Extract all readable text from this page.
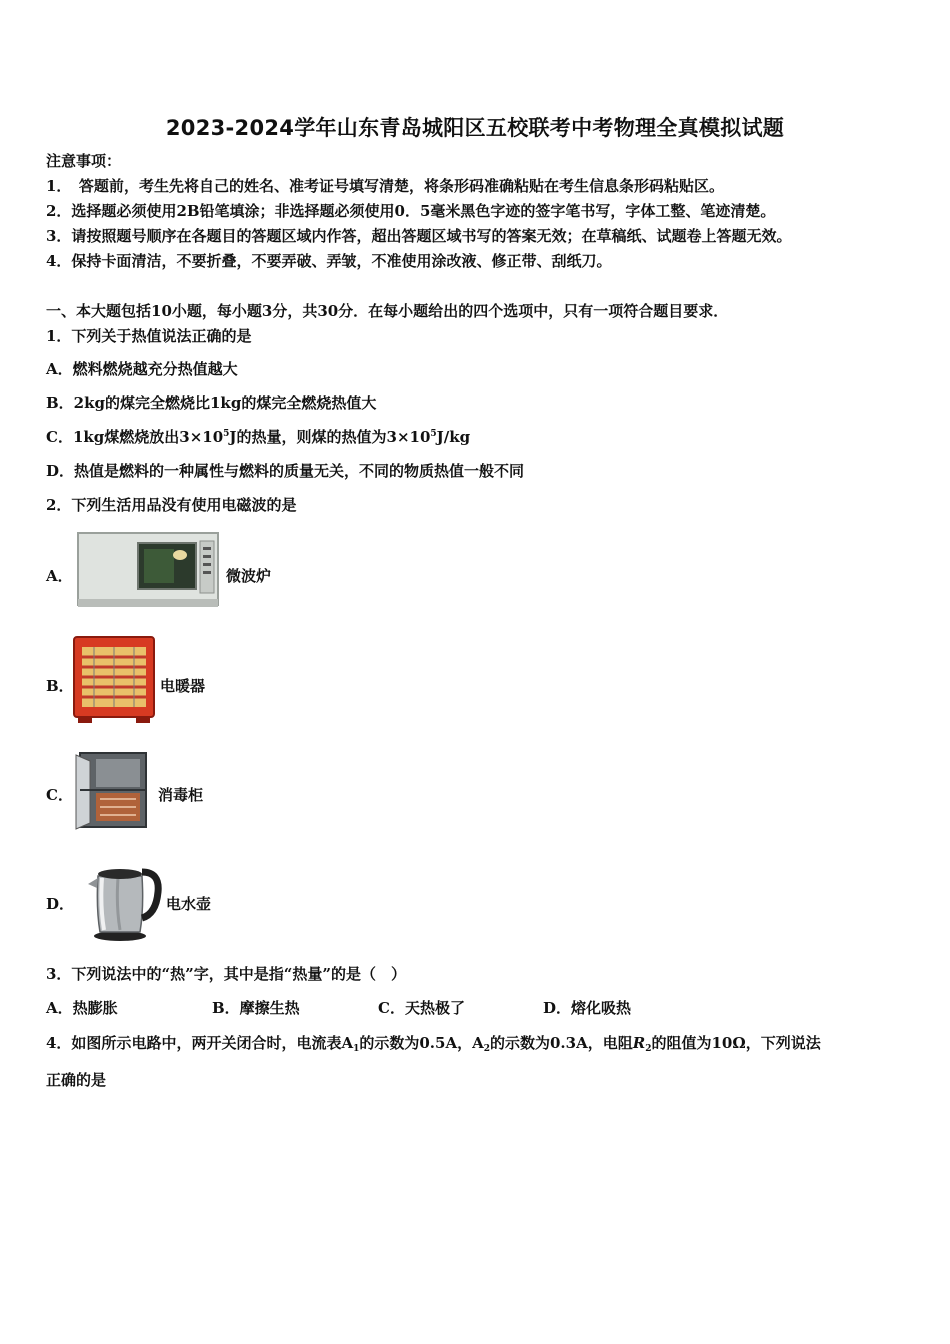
2023-2024学年山东青岛城阳区五校联考中考物理全真模拟试题
注意事项：
1．　答题前，考生先将自己的姓名、准考证号填写清楚，将条形码准确粘贴在考生信息条形码粘贴区。
2．选择题必须使用2B铅笔填涂；非选择题必须使用0．5毫米黑色字迹的签字笔书写，字体工整、笔迹清楚。
3．请按照题号顺序在各题目的答题区域内作答，超出答题区域书写的答案无效；在草稿纸、试题卷上答题无效。
4．保持卡面清洁，不要折叠，不要弄破、弄皱，不准使用涂改液、修正带、刮纸刀。
一、本大题包括10小题，每小题3分，共30分．在每小题给出的四个选项中，只有一项符合题目要求．
1．下列关于热值说法正确的是
A．燃料燃烧越充分热值越大
B．2kg的煤完全燃烧比1kg的煤完全燃烧热值大
C．1kg煤燃烧放出$3\times 10^5J$的热量，则煤的热值为$3\times 10^5J/kg$
D．热值是燃料的一种属性与燃料的质量无关，不同的物质热值一般不同
2．下列生活用品没有使用电磁波的是
A．	微波炉
B．	电暖器
C．	消毒柜
D．	电水壶
3．下列说法中的“热”字，其中是指“热量”的是（　）
A．热膨胀	B．摩擦生热	C．天热极了	D．熔化吸热
4．如图所示电路中，两开关闭合时，电流表$A_1$的示数为0.5A，$A_2$的示数为0.3A，电阻$R_2$的阻值为10Ω，下列说法
正确的是
